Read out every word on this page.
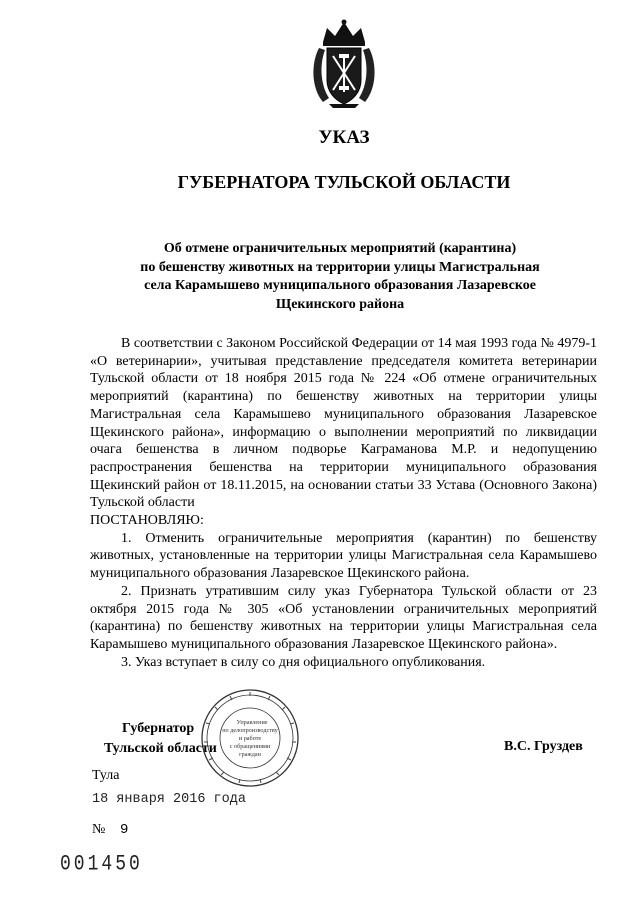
УКАЗ
ГУБЕРНАТОРА ТУЛЬСКОЙ ОБЛАСТИ
Об отмене ограничительных мероприятий (карантина)
по бешенству животных на территории улицы Магистральная
села Карамышево муниципального образования Лазаревское
Щекинского района

В соответствии с Законом Российской Федерации от 14 мая 1993 года № 4979-1 «О ветеринарии», учитывая представление председателя комитета ветеринарии Тульской области от 18 ноября 2015 года № 224 «Об отмене ограничительных мероприятий (карантина) по бешенству животных на территории улицы Магистральная села Карамышево муниципального образования Лазаревское Щекинского района», информацию о выполнении мероприятий по ликвидации очага бешенства в личном подворье Каграманова М.Р. и недопущению распространения бешенства на территории муниципального образования Щекинский район от 18.11.2015, на основании статьи 33 Устава (Основного Закона) Тульской области

ПОСТАНОВЛЯЮ:

1. Отменить ограничительные мероприятия (карантин) по бешенству животных, установленные на территории улицы Магистральная села Карамышево муниципального образования Лазаревское Щекинского района.

2. Признать утратившим силу указ Губернатора Тульской области от 23 октября 2015 года № 305 «Об установлении ограничительных мероприятий (карантина) по бешенству животных на территории улицы Магистральная села Карамышево муниципального образования Лазаревское Щекинского района».

3. Указ вступает в силу со дня официального опубликования.

Губернатор
Тульской области	В.С. Груздев
Управление
по делопроизводству
и работе
с обращениями
граждан
Тула
18 января 2016 года
№ 9
001450
